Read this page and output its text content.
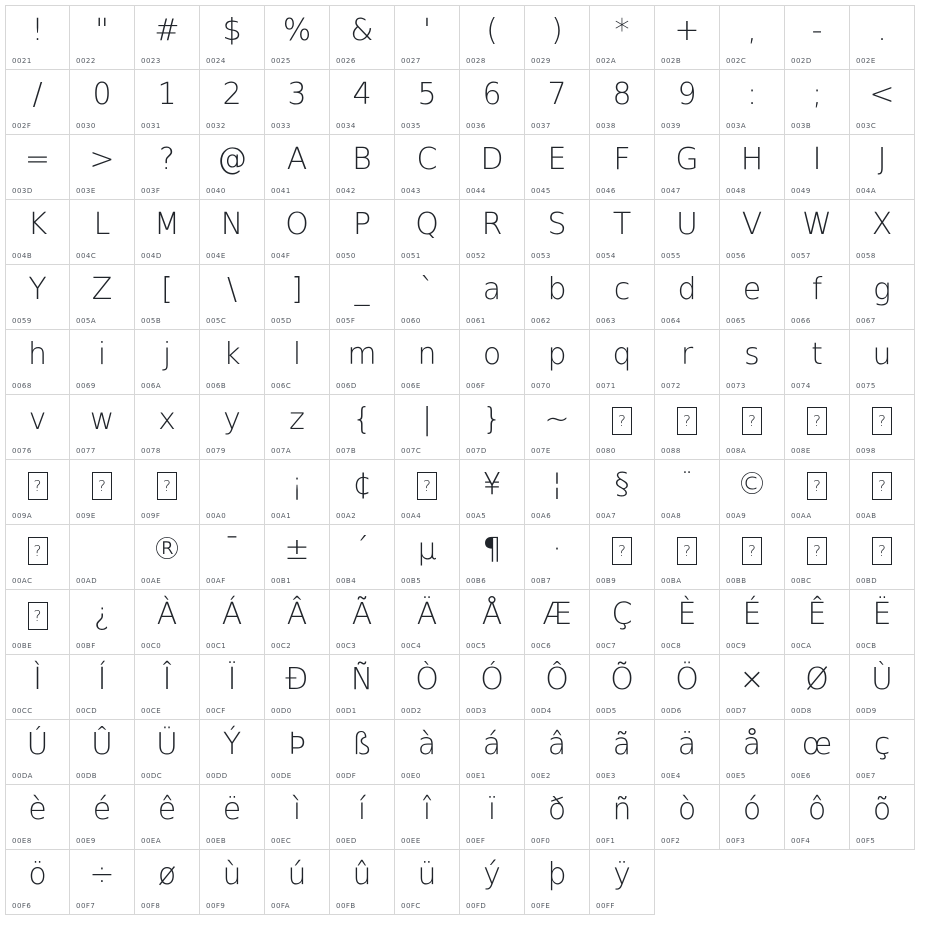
!
0021
"
0022
#
0023
$
0024
%
0025
&
0026
'
0027
(
0028
)
0029
*
002A
+
002B
,
002C
-
002D
.
002E
/
002F
0
0030
1
0031
2
0032
3
0033
4
0034
5
0035
6
0036
7
0037
8
0038
9
0039
:
003A
;
003B
<
003C
=
003D
>
003E
?
003F
@
0040
A
0041
B
0042
C
0043
D
0044
E
0045
F
0046
G
0047
H
0048
I
0049
J
004A
K
004B
L
004C
M
004D
N
004E
O
004F
P
0050
Q
0051
R
0052
S
0053
T
0054
U
0055
V
0056
W
0057
X
0058
Y
0059
Z
005A
[
005B
\
005C
]
005D
_
005F
`
0060
a
0061
b
0062
c
0063
d
0064
e
0065
f
0066
g
0067
h
0068
i
0069
j
006A
k
006B
l
006C
m
006D
n
006E
o
006F
p
0070
q
0071
r
0072
s
0073
t
0074
u
0075
v
0076
w
0077
x
0078
y
0079
z
007A
{
007B
|
007C
}
007D
~
007E
?
0080
?
0088
?
008A
?
008E
?
0098
?
009A
?
009E
?
009F	00A0
¡
00A1
¢
00A2
?
00A4
¥
00A5
¦
00A6
§
00A7
¨
00A8
©
00A9
?
00AA
?
00AB
?
00AC	00AD
®
00AE
¯
00AF
±
00B1
´
00B4
µ
00B5
¶
00B6
·
00B7
?
00B9
?
00BA
?
00BB
?
00BC
?
00BD
?
00BE
¿
00BF
À
00C0
Á
00C1
Â
00C2
Ã
00C3
Ä
00C4
Å
00C5
Æ
00C6
Ç
00C7
È
00C8
É
00C9
Ê
00CA
Ë
00CB
Ì
00CC
Í
00CD
Î
00CE
Ï
00CF
Ð
00D0
Ñ
00D1
Ò
00D2
Ó
00D3
Ô
00D4
Õ
00D5
Ö
00D6
×
00D7
Ø
00D8
Ù
00D9
Ú
00DA
Û
00DB
Ü
00DC
Ý
00DD
Þ
00DE
ß
00DF
à
00E0
á
00E1
â
00E2
ã
00E3
ä
00E4
å
00E5
œ
00E6
ç
00E7
è
00E8
é
00E9
ê
00EA
ë
00EB
ì
00EC
í
00ED
î
00EE
ï
00EF
ð
00F0
ñ
00F1
ò
00F2
ó
00F3
ô
00F4
õ
00F5
ö
00F6
÷
00F7
ø
00F8
ù
00F9
ú
00FA
û
00FB
ü
00FC
ý
00FD
þ
00FE
ÿ
00FF
